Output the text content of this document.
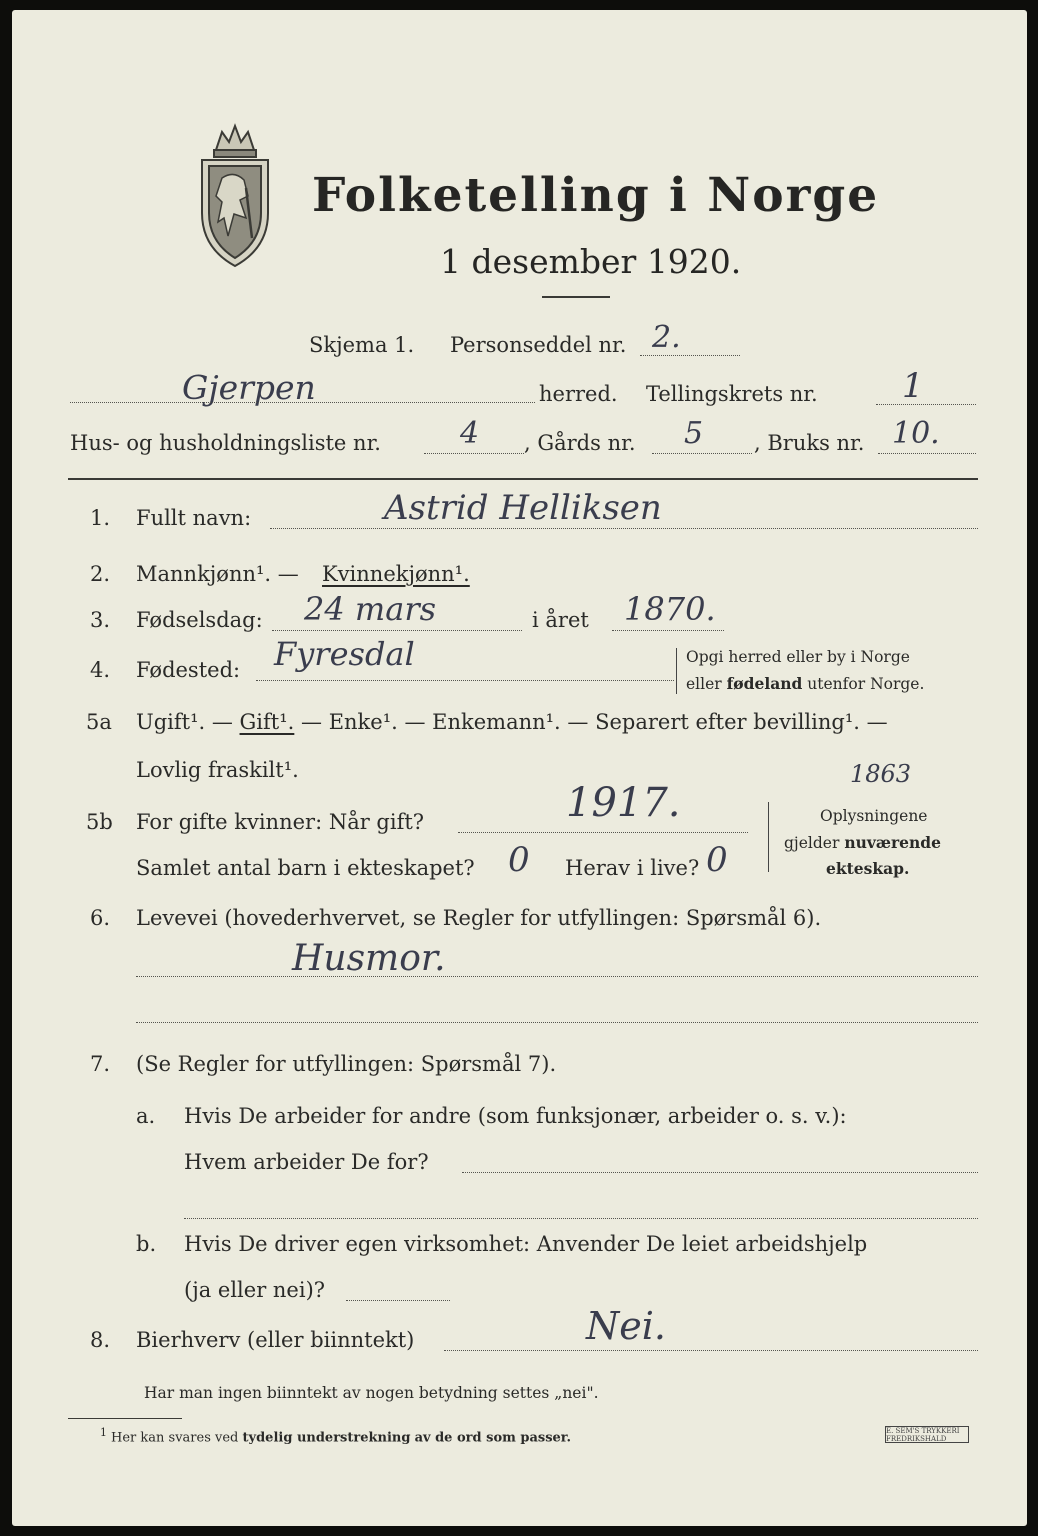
Folketelling i Norge
1 desember 1920.
Skjema 1. Personseddel nr. 2.
Gjerpen	herred. Tellingskrets nr. 1
Hus- og husholdningsliste nr.	4 , Gårds nr. 5 , Bruks nr. 10.
1. Fullt navn:	Astrid Helliksen
2. Mannkjønn¹. — Kvinnekjønn¹.
3. Fødselsdag: 24 mars	i året 1870.
4. Fødested: Fyresdal	Opgi herred eller by i Norge
eller fødeland utenfor Norge.
5a Ugift¹. — Gift¹. — Enke¹. — Enkemann¹. — Separert efter bevilling¹. —
Lovlig fraskilt¹.
5b For gifte kvinner: Når gift?	1917.
1863
Samlet antal barn i ekteskapet? 0 Herav i live? 0
Oplysningene
gjelder nuværende
ekteskap.
6. Levevei (hovederhvervet, se Regler for utfyllingen: Spørsmål 6).
Husmor.
7. (Se Regler for utfyllingen: Spørsmål 7).
a. Hvis De arbeider for andre (som funksjonær, arbeider o. s. v.):
Hvem arbeider De for?
b. Hvis De driver egen virksomhet: Anvender De leiet arbeidshjelp
(ja eller nei)?
8. Bierhverv (eller biinntekt)	Nei.
Har man ingen biinntekt av nogen betydning settes „nei".
$^1$ Her kan svares ved tydelig understrekning av de ord som passer.	E. SEM'S TRYKKERI FREDRIKSHALD
